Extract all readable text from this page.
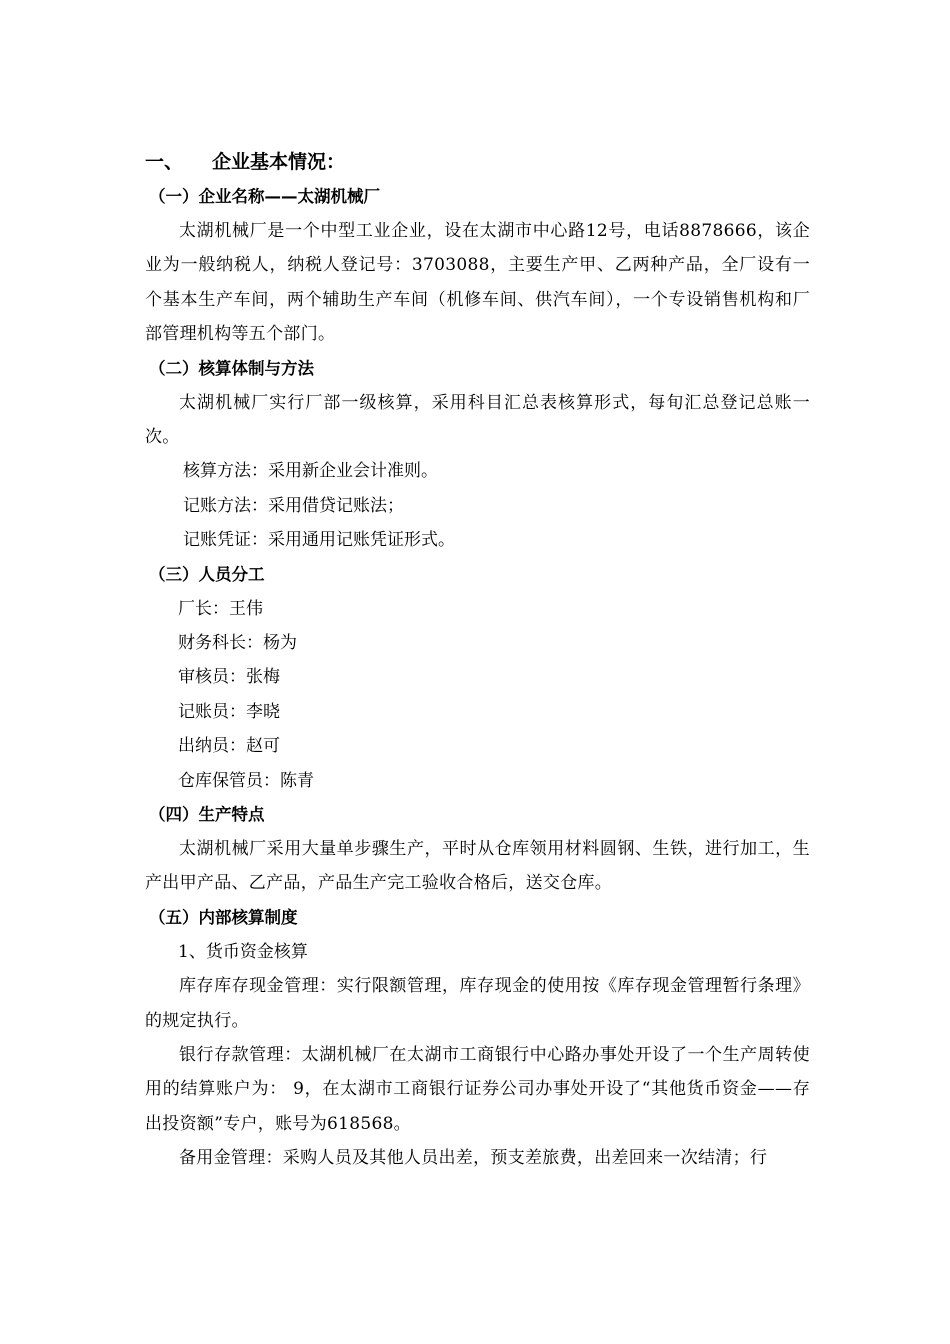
一、 企业基本情况：
（一）企业名称——太湖机械厂
太湖机械厂是一个中型工业企业，设在太湖市中心路12号，电话8878666，该企业为一般纳税人，纳税人登记号：3703088，主要生产甲、乙两种产品，全厂设有一个基本生产车间，两个辅助生产车间（机修车间、供汽车间），一个专设销售机构和厂部管理机构等五个部门。
（二）核算体制与方法
太湖机械厂实行厂部一级核算，采用科目汇总表核算形式，每旬汇总登记总账一次。
核算方法：采用新企业会计准则。
记账方法：采用借贷记账法；
记账凭证：采用通用记账凭证形式。
（三）人员分工
厂长：王伟
财务科长：杨为
审核员：张梅
记账员：李晓
出纳员：赵可
仓库保管员：陈青
（四）生产特点
太湖机械厂采用大量单步骤生产，平时从仓库领用材料圆钢、生铁，进行加工，生产出甲产品、乙产品，产品生产完工验收合格后，送交仓库。
（五）内部核算制度
1、货币资金核算
库存库存现金管理：实行限额管理，库存现金的使用按《库存现金管理暂行条理》的规定执行。
银行存款管理：太湖机械厂在太湖市工商银行中心路办事处开设了一个生产周转使用的结算账户为： 9，在太湖市工商银行证券公司办事处开设了“其他货币资金——存出投资额”专户，账号为618568。
备用金管理：采购人员及其他人员出差，预支差旅费，出差回来一次结清；行
